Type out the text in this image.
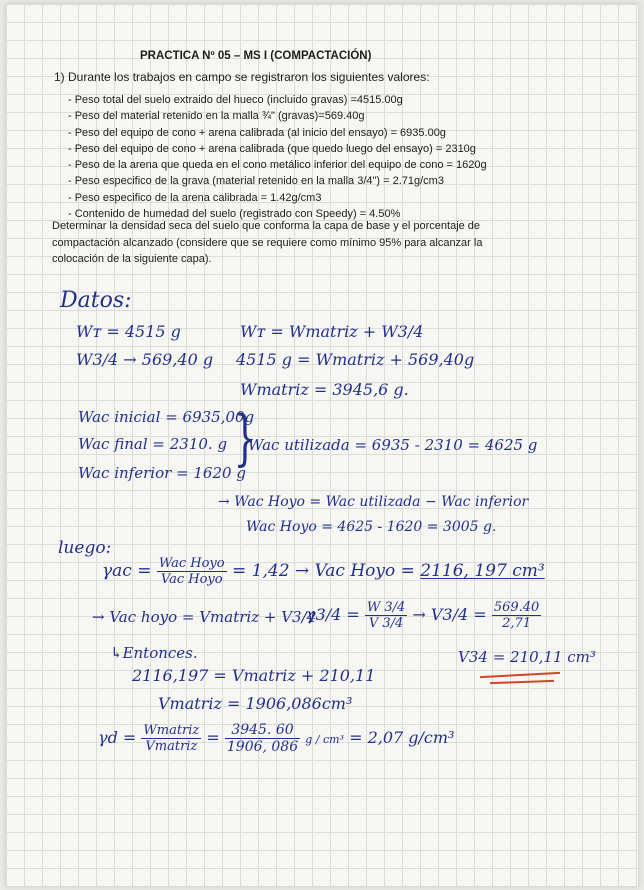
PRACTICA Nº 05 – MS I (COMPACTACIÓN)
1) Durante los trabajos en campo se registraron los siguientes valores:
- Peso total del suelo extraido del hueco (incluido gravas) =4515.00g
- Peso del material retenido en la malla ¾" (gravas)=569.40g
- Peso del equipo de cono + arena calibrada (al inicio del ensayo) = 6935.00g
- Peso del equipo de cono + arena calibrada (que quedo luego del ensayo) = 2310g
- Peso de la arena que queda en el cono metálico inferior del equipo de cono = 1620g
- Peso especifico de la grava (material retenido en la malla 3/4") = 2.71g/cm3
- Peso especifico de la arena calibrada = 1.42g/cm3
- Contenido de humedad del suelo (registrado con Speedy) = 4.50%
Determinar la densidad seca del suelo que conforma la capa de base y el porcentaje de compactación alcanzado (considere que se requiere como mínimo 95% para alcanzar la colocación de la siguiente capa).
Datos:
Wᴛ = 4515 g
W3/4 → 569,40 g
Wᴛ = Wmatriz + W3/4
4515 g = Wmatriz + 569,40g
Wmatriz = 3945,6 g.
Wac inicial = 6935,00g
Wac final = 2310. g
Wac inferior = 1620 g
}
Wac utilizada = 6935 - 2310 = 4625 g
→ Wac Hoyo = Wac utilizada − Wac inferior
Wac Hoyo = 4625 - 1620 = 3005 g.
luego:
$\gamma ac = \frac{\text{Wac Hoyo}}{\text{Vac Hoyo}} = 1,42$ → Vac Hoyo = 2116, 197 cm³
→ Vac hoyo = Vmatriz + V3/4
$\gamma 3/4 = \frac{W 3/4}{V 3/4} \to V3/4 = \frac{569.40}{2,71}$
V34 = 210,11 cm³
↳Entonces.
2116,197 = Vmatriz + 210,11
Vmatriz = 1906,086cm³
$\gamma d = \frac{\text{Wmatriz}}{\text{Vmatriz}} = \frac{3945. 60}{1906, 086}$ g / cm³ = 2,07 g/cm³
